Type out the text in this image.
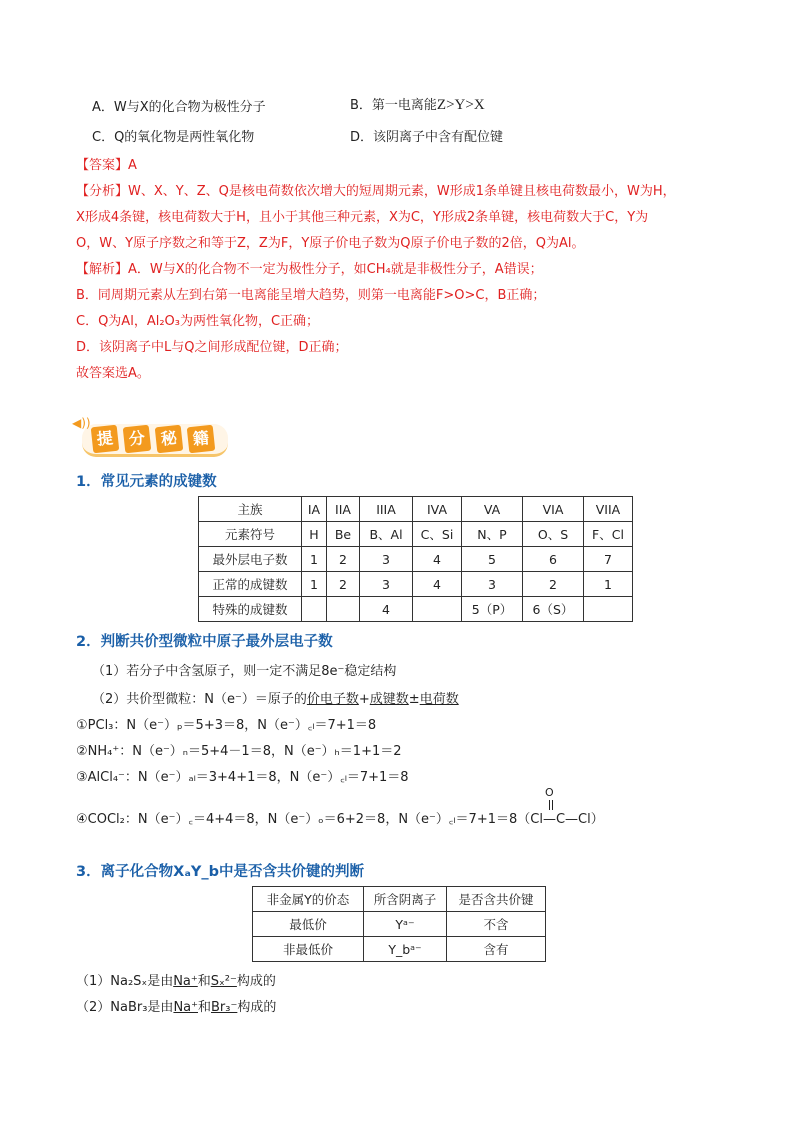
A．W与X的化合物为极性分子	B．第一电离能Z>Y>X
C．Q的氧化物是两性氧化物	D．该阴离子中含有配位键
【答案】A
【分析】W、X、Y、Z、Q是核电荷数依次增大的短周期元素，W形成1条单键且核电荷数最小，W为H，
X形成4条键，核电荷数大于H，且小于其他三种元素，X为C，Y形成2条单键，核电荷数大于C，Y为
O，W、Y原子序数之和等于Z，Z为F，Y原子价电子数为Q原子价电子数的2倍，Q为Al。
【解析】A．W与X的化合物不一定为极性分子，如CH₄就是非极性分子，A错误；
B．同周期元素从左到右第一电离能呈增大趋势，则第一电离能F>O>C，B正确；
C．Q为Al，Al₂O₃为两性氧化物，C正确；
D．该阴离子中L与Q之间形成配位键，D正确；
故答案选A。
◀))
提 分 秘 籍
1．常见元素的成键数
主族	IA	IIA	IIIA	IVA	VA	VIA	VIIA
元素符号	H	Be	B、Al	C、Si	N、P	O、S	F、Cl
最外层电子数	1	2	3	4	5	6	7
正常的成键数	1	2	3	4	3	2	1
特殊的成键数			4		5（P）	6（S）	
2．判断共价型微粒中原子最外层电子数
（1）若分子中含氢原子，则一定不满足8e⁻稳定结构
（2）共价型微粒：N（e⁻）＝原子的价电子数+成键数±电荷数
①PCl₃：N（e⁻）ₚ＝5+3＝8，N（e⁻）꜀ₗ＝7+1＝8
②NH₄⁺：N（e⁻）ₙ＝5+4－1＝8，N（e⁻）ₕ＝1+1＝2
③AlCl₄⁻：N（e⁻）ₐₗ＝3+4+1＝8，N（e⁻）꜀ₗ＝7+1＝8
④COCl₂：N（e⁻）꜀＝4+4＝8，N（e⁻）ₒ＝6+2＝8，N（e⁻）꜀ₗ＝7+1＝8（Cl—C—Cl）
O
3．离子化合物XₐY_b中是否含共价键的判断
非金属Y的价态	所含阴离子	是否含共价键
最低价	Yᵃ⁻	不含
非最低价	Y_bᵃ⁻	含有
（1）Na₂Sₓ是由Na⁺和Sₓ²⁻构成的
（2）NaBr₃是由Na⁺和Br₃⁻构成的
